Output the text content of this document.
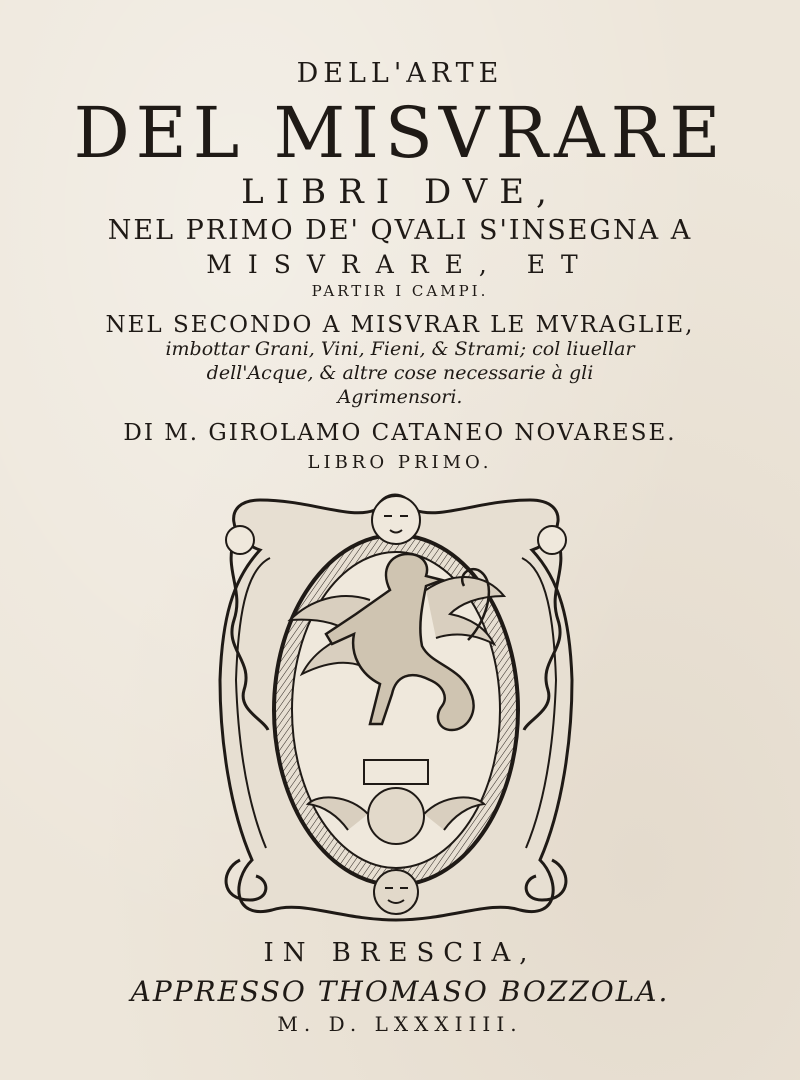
DELL'ARTE
DEL MISVRARE
LIBRI DVE,
NEL PRIMO DE' QVALI S'INSEGNA A
MISVRARE, ET
PARTIR I CAMPI.
NEL SECONDO A MISVRAR LE MVRAGLIE,
imbottar Grani, Vini, Fieni, & Strami; col liuellar
dell'Acque, & altre cose necessarie à gli
Agrimensori.
DI M. GIROLAMO CATANEO NOVARESE.
LIBRO PRIMO.
IN BRESCIA,
APPRESSO THOMASO BOZZOLA.
M. D. LXXXIIII.
